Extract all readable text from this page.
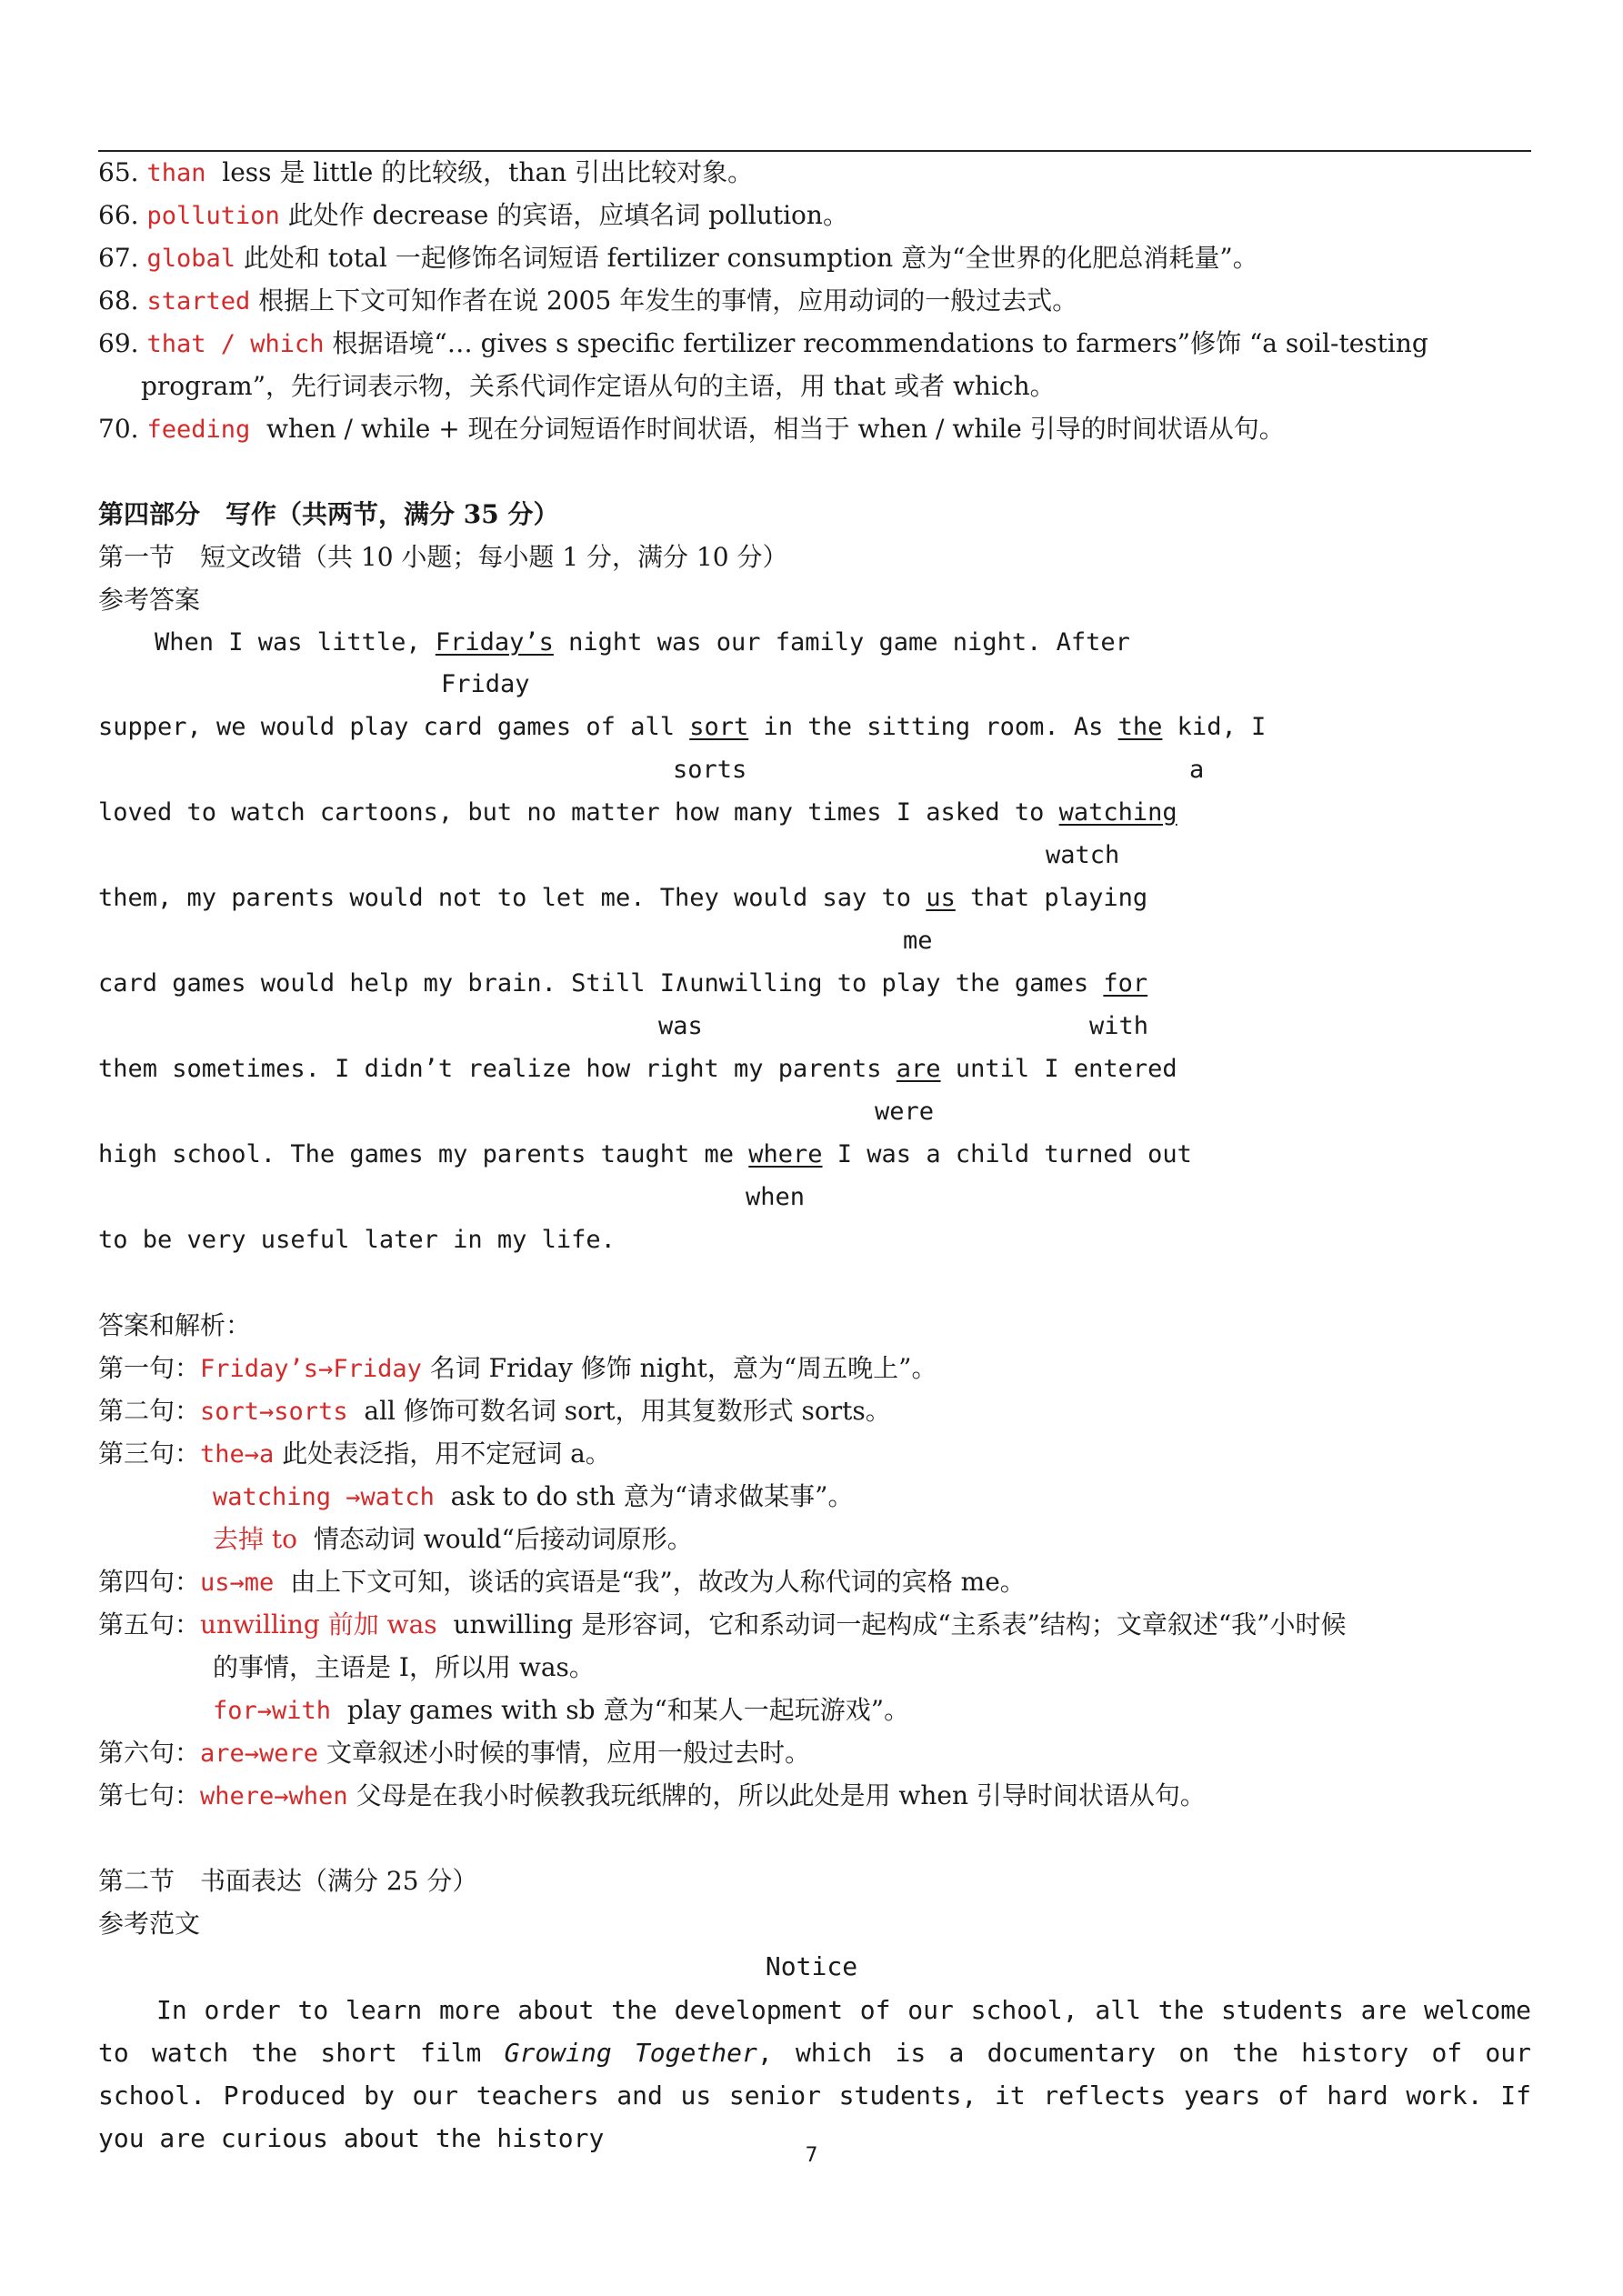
65. than less 是 little 的比较级，than 引出比较对象。
66. pollution 此处作 decrease 的宾语，应填名词 pollution。
67. global 此处和 total 一起修饰名词短语 fertilizer consumption 意为“全世界的化肥总消耗量”。
68. started 根据上下文可知作者在说 2005 年发生的事情，应用动词的一般过去式。
69. that / which 根据语境“… gives s specific fertilizer recommendations to farmers”修饰 “a soil-testing
program”，先行词表示物，关系代词作定语从句的主语，用 that 或者 which。
70. feeding when / while + 现在分词短语作时间状语，相当于 when / while 引导的时间状语从句。
第四部分　写作（共两节，满分 35 分）
第一节　短文改错（共 10 小题；每小题 1 分，满分 10 分）
参考答案
When I was little, Friday’s night was our family game night. After
Friday
supper, we would play card games of all sort in the sitting room. As the kid, I
sorts	a
loved to watch cartoons, but no matter how many times I asked to watching
watch
them, my parents would not to let me. They would say to us that playing
me
card games would help my brain. Still I∧unwilling to play the games for
was	with
them sometimes. I didn’t realize how right my parents are until I entered
were
high school. The games my parents taught me where I was a child turned out
when
to be very useful later in my life.
答案和解析：
第一句：Friday’s→Friday 名词 Friday 修饰 night，意为“周五晚上”。
第二句：sort→sorts all 修饰可数名词 sort，用其复数形式 sorts。
第三句：the→a 此处表泛指，用不定冠词 a。
watching →watch ask to do sth 意为“请求做某事”。
去掉 to 情态动词 would“后接动词原形。
第四句：us→me 由上下文可知，谈话的宾语是“我”，故改为人称代词的宾格 me。
第五句：unwilling 前加 was unwilling 是形容词，它和系动词一起构成“主系表”结构；文章叙述“我”小时候
的事情，主语是 I，所以用 was。
for→with play games with sb 意为“和某人一起玩游戏”。
第六句：are→were 文章叙述小时候的事情，应用一般过去时。
第七句：where→when 父母是在我小时候教我玩纸牌的，所以此处是用 when 引导时间状语从句。
第二节　书面表达（满分 25 分）
参考范文
Notice
In order to learn more about the development of our school, all the students are welcome to watch the short film Growing Together, which is a documentary on the history of our school. Produced by our teachers and us senior students, it reflects years of hard work. If you are curious about the history
7
